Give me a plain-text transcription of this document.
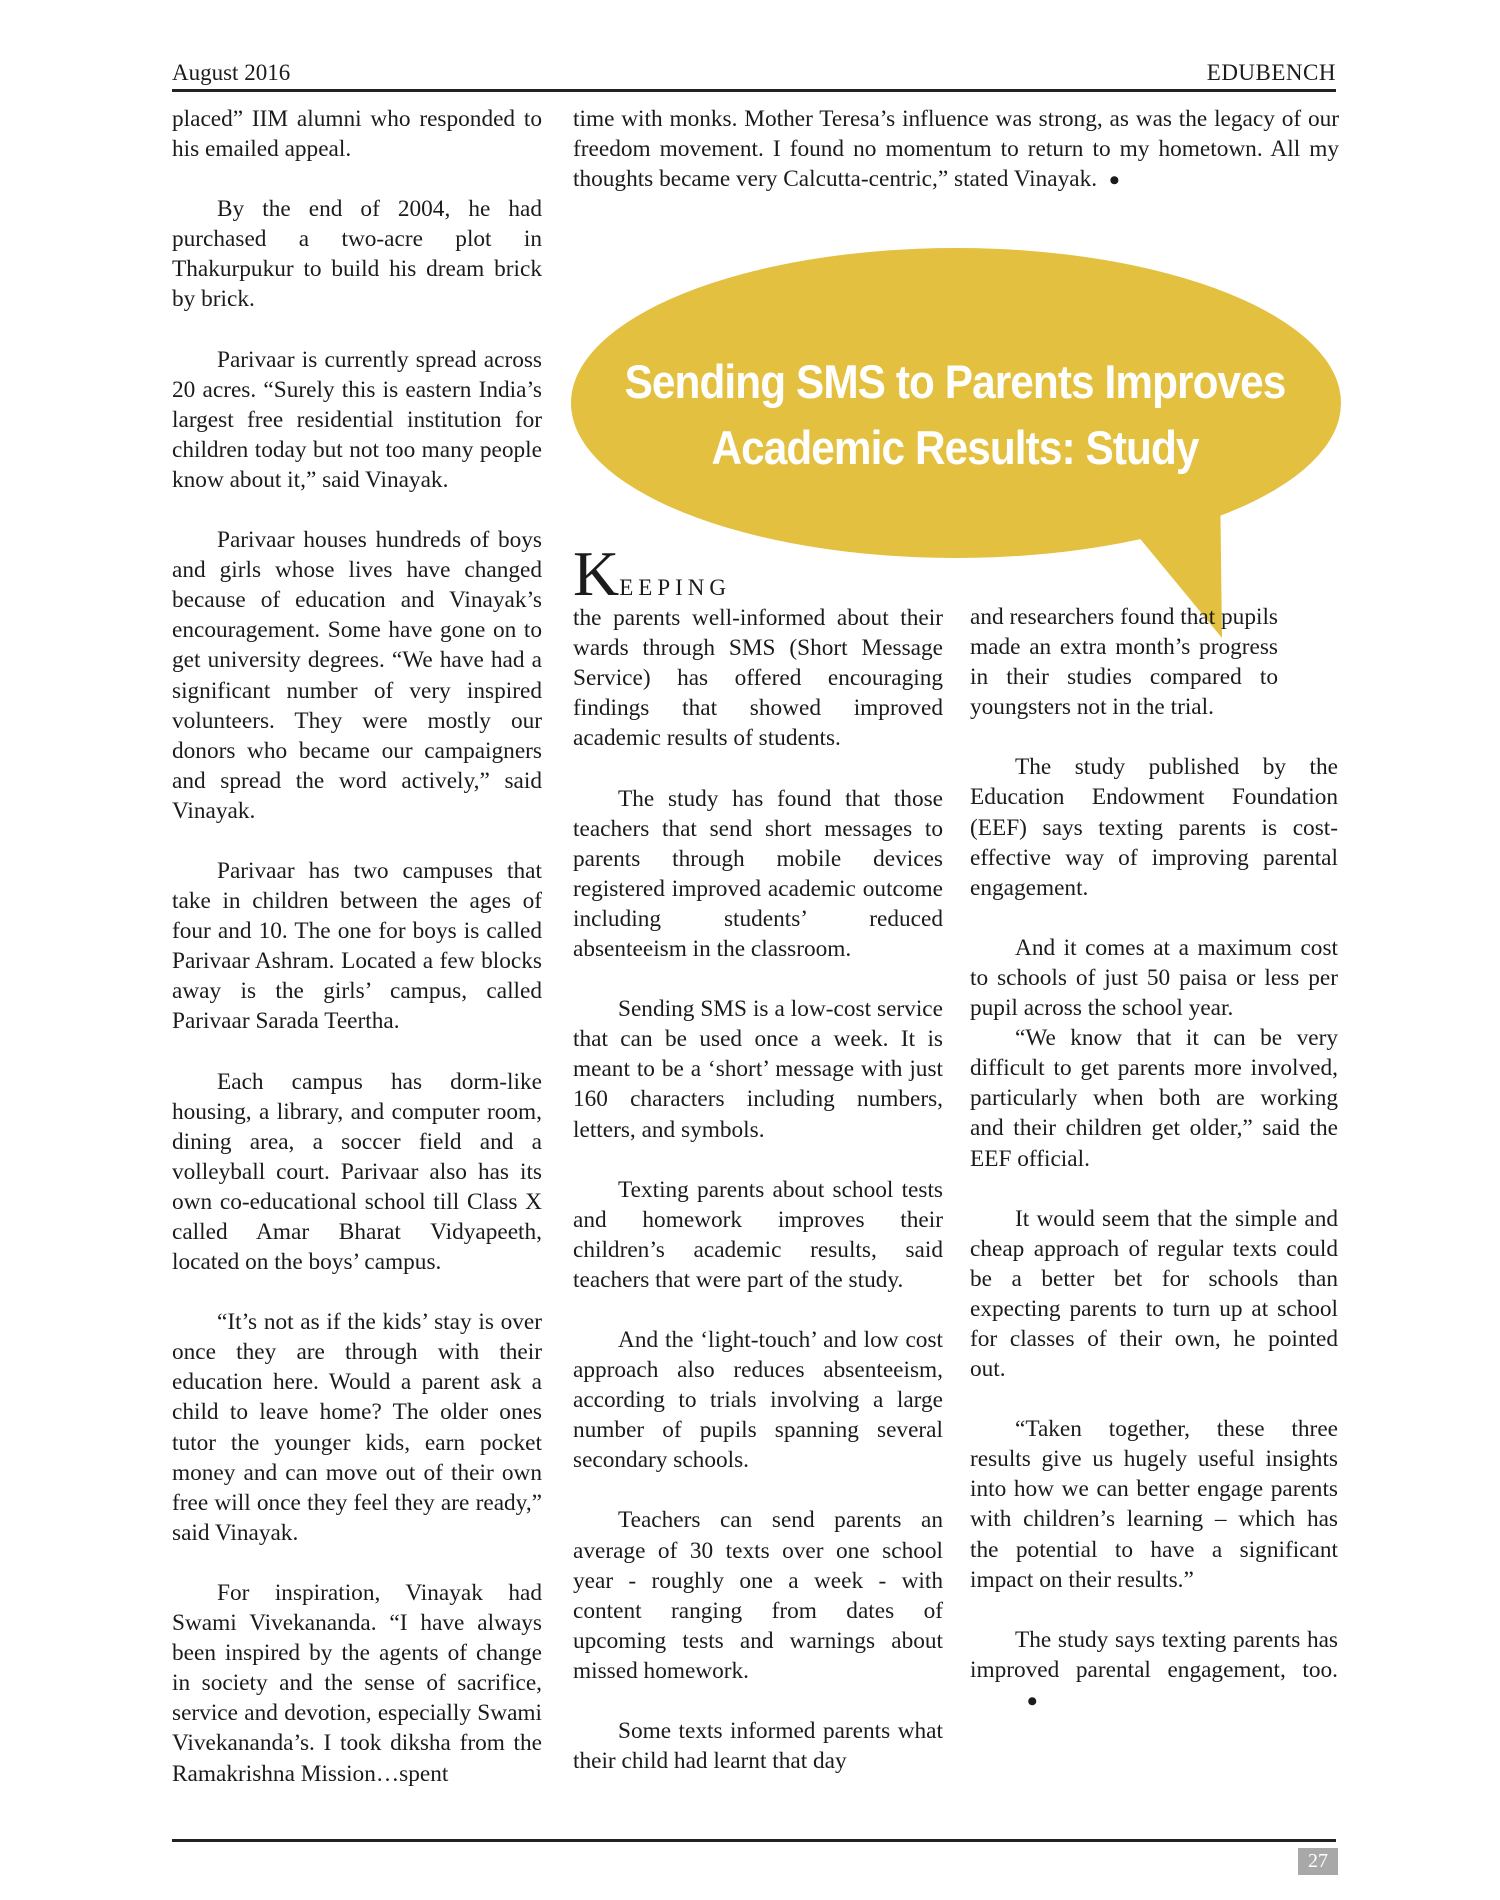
August 2016	EDUBENCH

placed” IIM alumni who responded to his emailed appeal.

By the end of 2004, he had purchased a two-acre plot in Thakurpukur to build his dream brick by brick.

Parivaar is currently spread across 20 acres. “Surely this is eastern India’s largest free residential institution for children today but not too many people know about it,” said Vinayak.

Parivaar houses hundreds of boys and girls whose lives have changed because of education and Vinayak’s encouragement. Some have gone on to get university degrees. “We have had a significant number of very inspired volunteers. They were mostly our donors who became our campaigners and spread the word actively,” said Vinayak.

Parivaar has two campuses that take in children between the ages of four and 10. The one for boys is called Parivaar Ashram. Located a few blocks away is the girls’ campus, called Parivaar Sarada Teertha.

Each campus has dorm-like housing, a library, and computer room, dining area, a soccer field and a volleyball court. Parivaar also has its own co-educational school till Class X called Amar Bharat Vidyapeeth, located on the boys’ campus.

“It’s not as if the kids’ stay is over once they are through with their education here. Would a parent ask a child to leave home? The older ones tutor the younger kids, earn pocket money and can move out of their own free will once they feel they are ready,” said Vinayak.

For inspiration, Vinayak had Swami Vivekananda. “I have always been inspired by the agents of change in society and the sense of sacrifice, service and devotion, especially Swami Vivekananda’s. I took diksha from the Ramakrishna Mission…spent

time with monks. Mother Teresa’s influence was strong, as was the legacy of our freedom movement. I found no momentum to return to my hometown. All my thoughts became very Calcutta-centric,” stated Vinayak. •

Sending SMS to Parents Improves
Academic Results: Study

KEEPING
the parents well-informed about their wards through SMS (Short Message Service) has offered encouraging findings that showed improved academic results of students.

The study has found that those teachers that send short messages to parents through mobile devices registered improved academic outcome including students’ reduced absenteeism in the classroom.

Sending SMS is a low-cost service that can be used once a week. It is meant to be a ‘short’ message with just 160 characters including numbers, letters, and symbols.

Texting parents about school tests and homework improves their children’s academic results, said teachers that were part of the study.

And the ‘light-touch’ and low cost approach also reduces absenteeism, according to trials involving a large number of pupils spanning several secondary schools.

Teachers can send parents an average of 30 texts over one school year - roughly one a week - with content ranging from dates of upcoming tests and warnings about missed homework.

Some texts informed parents what their child had learnt that day

and researchers found that pupils made an extra month’s progress in their studies compared to youngsters not in the trial.

The study published by the Education Endowment Foundation (EEF) says texting parents is cost-effective way of improving parental engagement.

And it comes at a maximum cost to schools of just 50 paisa or less per pupil across the school year.

“We know that it can be very difficult to get parents more involved, particularly when both are working and their children get older,” said the EEF official.

It would seem that the simple and cheap approach of regular texts could be a better bet for schools than expecting parents to turn up at school for classes of their own, he pointed out.

“Taken together, these three results give us hugely useful insights into how we can better engage parents with children’s learning – which has the potential to have a significant impact on their results.”

The study says texting parents has improved parental engagement, too.•

27
